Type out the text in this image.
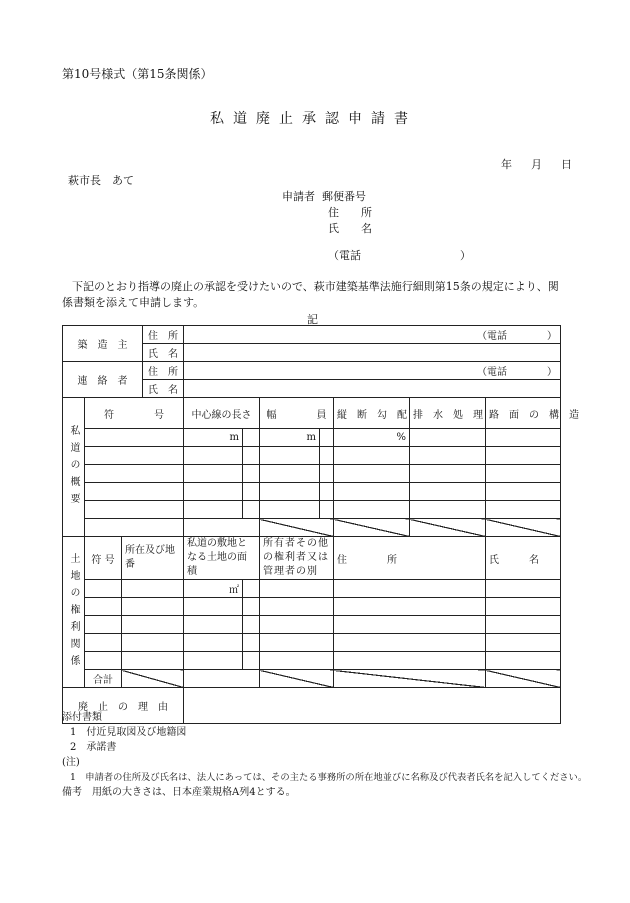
第10号様式（第15条関係）
私道廃止承認申請書
年　月　日
萩市長　あて
申請者 郵便番号
住　　所
氏　　名
（電話　　　　　　　　　）
下記のとおり指導の廃止の承認を受けたいので、萩市建築基準法施行細則第15条の規定により、関
係書類を添えて申請します。
記
築　造　主			住　所	（電話　　　　）						
			氏　名							
連　絡　者			住　所	（電話　　　　）						
			氏　名							
私道の概要	符　　　　号			中心線の長さ		幅　　　　員		縦　断　勾　配	排　水　処　理	路　面　の　構　造
				m		m		%		

土地の権利関係	符 号	所在及び地　　番		私道の敷地となる土地の面積		所有者その他の権利者又は管理者の別		住　　　　所		氏　　　名
				㎡						

	合計									
廃　止　の　理　由										
添付書類
1　付近見取図及び地籍図
2　承諾書
(注)
1　申請者の住所及び氏名は、法人にあっては、その主たる事務所の所在地並びに名称及び代表者氏名を記入してください。
備考　用紙の大きさは、日本産業規格A列4とする。
